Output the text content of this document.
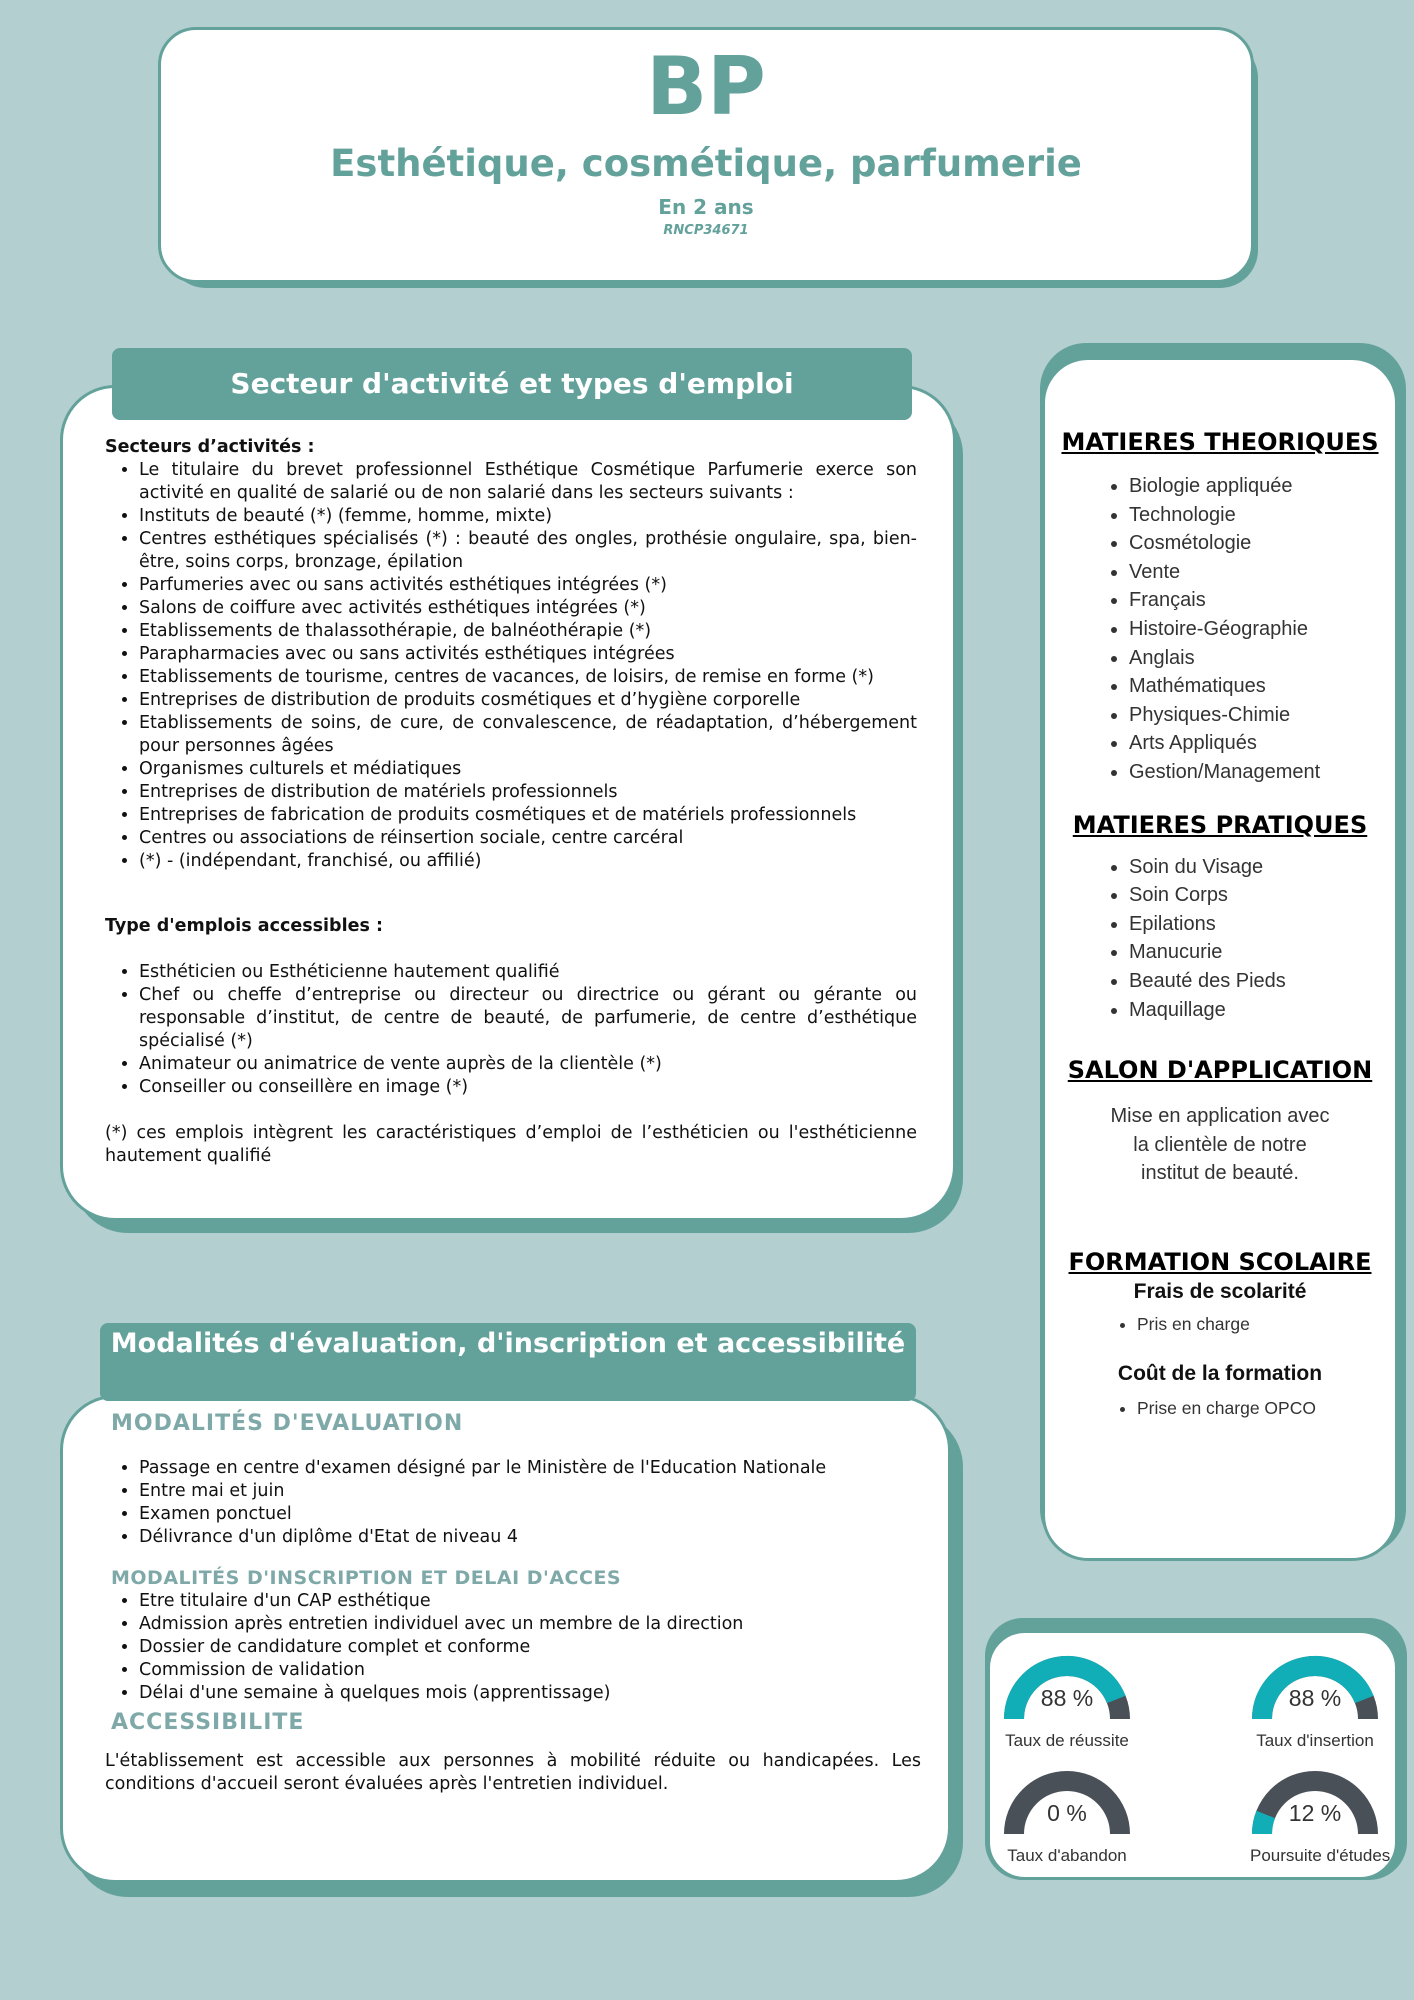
BP
Esthétique, cosmétique, parfumerie
En 2 ans
RNCP34671
Secteurs d’activités :
• Le titulaire du brevet professionnel Esthétique Cosmétique Parfumerie exerce son activité en qualité de salarié ou de non salarié dans les secteurs suivants :
• Instituts de beauté (*) (femme, homme, mixte)
• Centres esthétiques spécialisés (*) : beauté des ongles, prothésie ongulaire, spa, bien-être, soins corps, bronzage, épilation
• Parfumeries avec ou sans activités esthétiques intégrées (*)
• Salons de coiffure avec activités esthétiques intégrées (*)
• Etablissements de thalassothérapie, de balnéothérapie (*)
• Parapharmacies avec ou sans activités esthétiques intégrées
• Etablissements de tourisme, centres de vacances, de loisirs, de remise en forme (*)
• Entreprises de distribution de produits cosmétiques et d’hygiène corporelle
• Etablissements de soins, de cure, de convalescence, de réadaptation, d’hébergement pour personnes âgées
• Organismes culturels et médiatiques
• Entreprises de distribution de matériels professionnels
• Entreprises de fabrication de produits cosmétiques et de matériels professionnels
• Centres ou associations de réinsertion sociale, centre carcéral
• (*) - (indépendant, franchisé, ou affilié)
Type d'emplois accessibles :
• Esthéticien ou Esthéticienne hautement qualifié
• Chef ou cheffe d’entreprise ou directeur ou directrice ou gérant ou gérante ou responsable d’institut, de centre de beauté, de parfumerie, de centre d’esthétique spécialisé (*)
• Animateur ou animatrice de vente auprès de la clientèle (*)
• Conseiller ou conseillère en image (*)
(*) ces emplois intègrent les caractéristiques d’emploi de l’esthéticien ou l'esthéticienne hautement qualifié
Secteur d'activité et types d'emploi
MODALITÉS D'EVALUATION
• Passage en centre d'examen désigné par le Ministère de l'Education Nationale
• Entre mai et juin
• Examen ponctuel
• Délivrance d'un diplôme d'Etat de niveau 4
MODALITÉS D'INSCRIPTION ET DELAI D'ACCES
• Etre titulaire d'un CAP esthétique
• Admission après entretien individuel avec un membre de la direction
• Dossier de candidature complet et conforme
• Commission de validation
• Délai d'une semaine à quelques mois (apprentissage)
ACCESSIBILITE

L'établissement est accessible aux personnes à mobilité réduite ou handicapées. Les conditions d'accueil seront évaluées après l'entretien individuel.

Modalités d'évaluation, d'inscription et accessibilité
MATIERES THEORIQUES
• Biologie appliquée
• Technologie
• Cosmétologie
• Vente
• Français
• Histoire-Géographie
• Anglais
• Mathématiques
• Physiques-Chimie
• Arts Appliqués
• Gestion/Management
MATIERES PRATIQUES
• Soin du Visage
• Soin Corps
• Epilations
• Manucurie
• Beauté des Pieds
• Maquillage
SALON D'APPLICATION

Mise en application avec la clientèle de notre institut de beauté.

FORMATION SCOLAIRE
Frais de scolarité
• Pris en charge
Coût de la formation
• Prise en charge OPCO
88 %
Taux de réussite
88 %
Taux d'insertion
0 %
Taux d'abandon
12 %
Poursuite d'études
